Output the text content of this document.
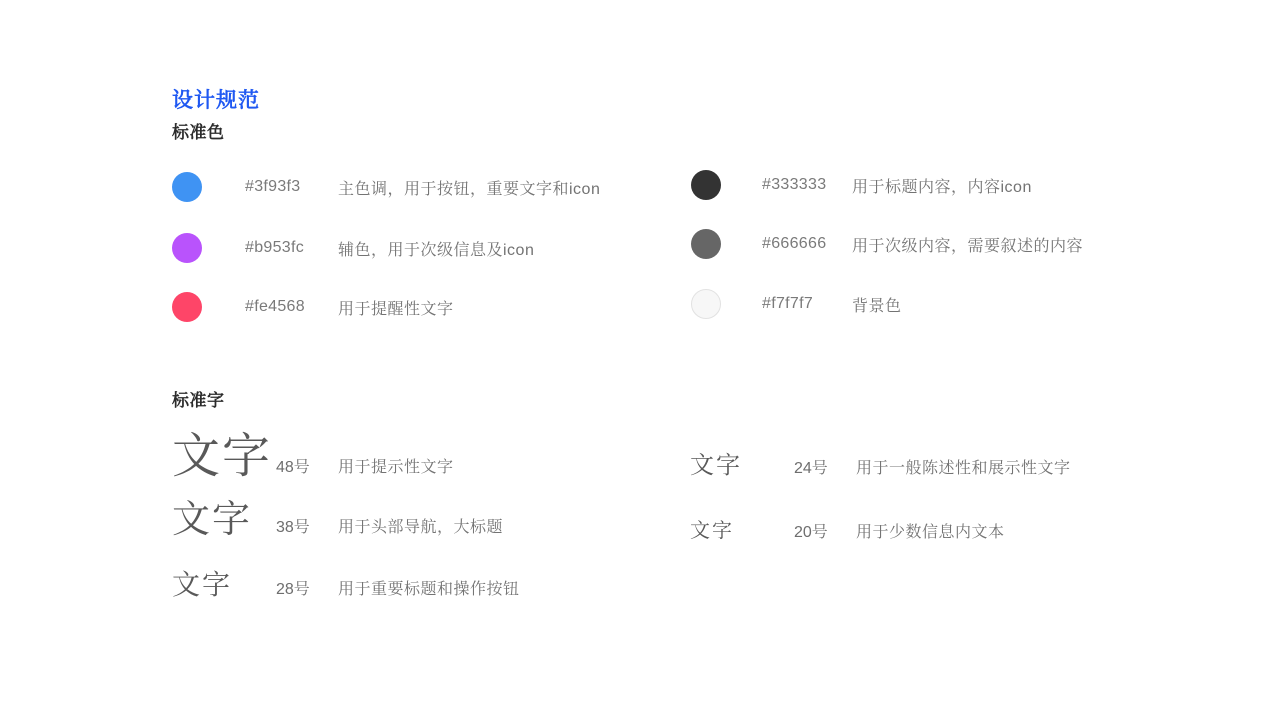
设计规范
标准色
#3f93f3	主色调，用于按钮，重要文字和icon
#b953fc	辅色，用于次级信息及icon
#fe4568	用于提醒性文字
#333333	用于标题内容，内容icon
#666666	用于次级内容，需要叙述的内容
#f7f7f7	背景色
标准字
文字 48号	用于提示性文字
文字	38号	用于头部导航，大标题
文字	28号	用于重要标题和操作按钮
文字	24号	用于一般陈述性和展示性文字
文字	20号	用于少数信息内文本
